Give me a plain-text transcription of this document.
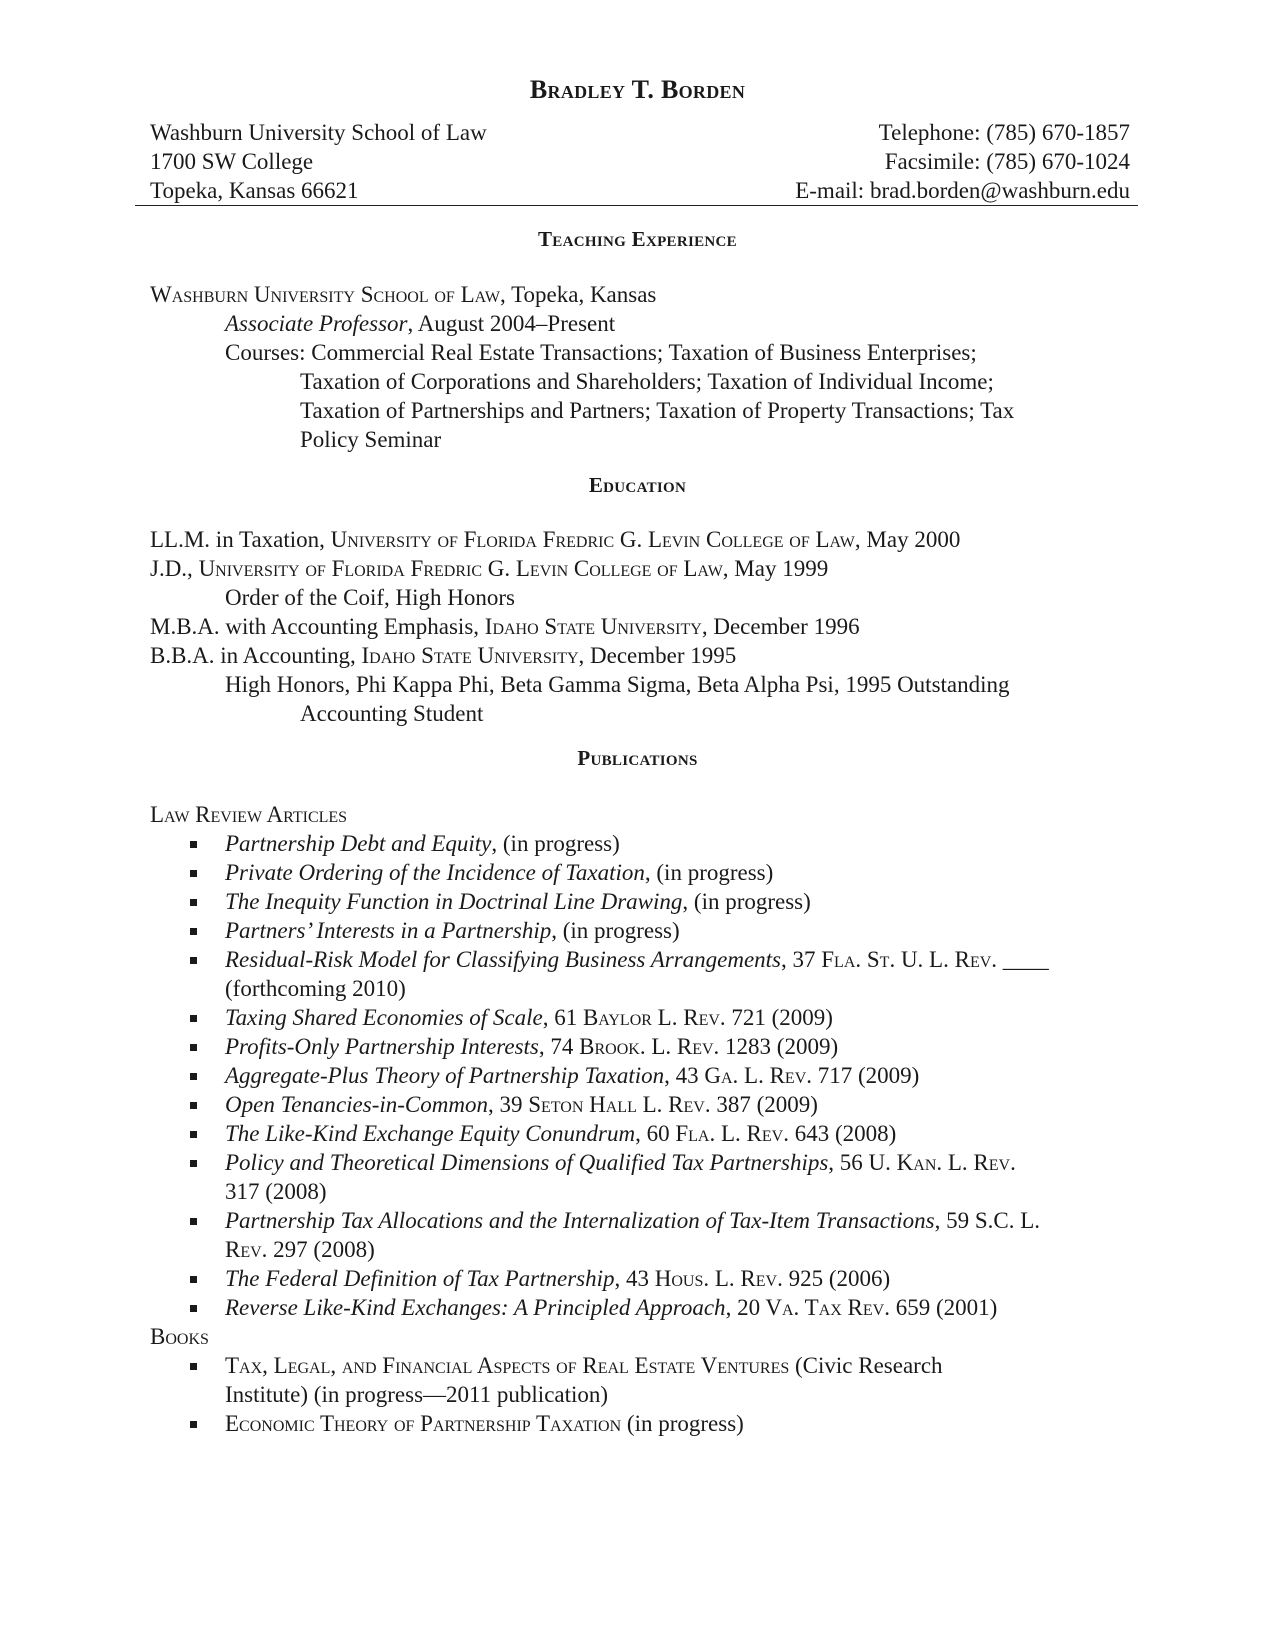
Bradley T. Borden
Washburn University School of Law
1700 SW College
Topeka, Kansas 66621
Telephone: (785) 670-1857
Facsimile: (785) 670-1024
E-mail: brad.borden@washburn.edu
Teaching Experience
Washburn University School of Law, Topeka, Kansas
Associate Professor, August 2004–Present
Courses: Commercial Real Estate Transactions; Taxation of Business Enterprises;
Taxation of Corporations and Shareholders; Taxation of Individual Income;
Taxation of Partnerships and Partners; Taxation of Property Transactions; Tax
Policy Seminar
Education
LL.M. in Taxation, University of Florida Fredric G. Levin College of Law, May 2000
J.D., University of Florida Fredric G. Levin College of Law, May 1999
Order of the Coif, High Honors
M.B.A. with Accounting Emphasis, Idaho State University, December 1996
B.B.A. in Accounting, Idaho State University, December 1995
High Honors, Phi Kappa Phi, Beta Gamma Sigma, Beta Alpha Psi, 1995 Outstanding
Accounting Student
Publications
Law Review Articles
Partnership Debt and Equity, (in progress)
Private Ordering of the Incidence of Taxation, (in progress)
The Inequity Function in Doctrinal Line Drawing, (in progress)
Partners’ Interests in a Partnership, (in progress)
Residual-Risk Model for Classifying Business Arrangements, 37 Fla. St. U. L. Rev. ____
(forthcoming 2010)
Taxing Shared Economies of Scale, 61 Baylor L. Rev. 721 (2009)
Profits-Only Partnership Interests, 74 Brook. L. Rev. 1283 (2009)
Aggregate-Plus Theory of Partnership Taxation, 43 Ga. L. Rev. 717 (2009)
Open Tenancies-in-Common, 39 Seton Hall L. Rev. 387 (2009)
The Like-Kind Exchange Equity Conundrum, 60 Fla. L. Rev. 643 (2008)
Policy and Theoretical Dimensions of Qualified Tax Partnerships, 56 U. Kan. L. Rev.
317 (2008)
Partnership Tax Allocations and the Internalization of Tax-Item Transactions, 59 S.C. L.
Rev. 297 (2008)
The Federal Definition of Tax Partnership, 43 Hous. L. Rev. 925 (2006)
Reverse Like-Kind Exchanges: A Principled Approach, 20 Va. Tax Rev. 659 (2001)
Books
Tax, Legal, and Financial Aspects of Real Estate Ventures (Civic Research
Institute) (in progress—2011 publication)
Economic Theory of Partnership Taxation (in progress)
